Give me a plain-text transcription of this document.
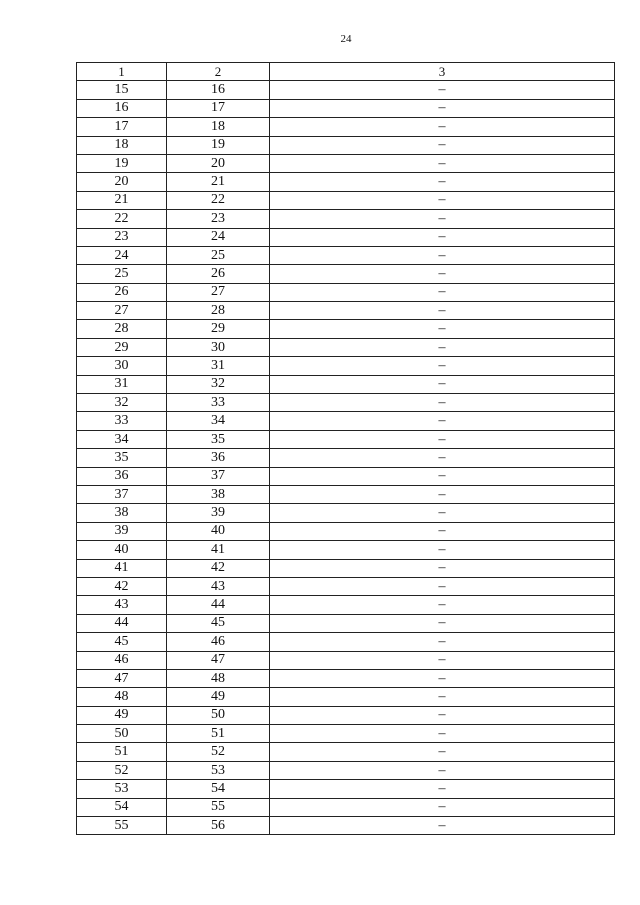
24
1	2	3
15	16	–
16	17	–
17	18	–
18	19	–
19	20	–
20	21	–
21	22	–
22	23	–
23	24	–
24	25	–
25	26	–
26	27	–
27	28	–
28	29	–
29	30	–
30	31	–
31	32	–
32	33	–
33	34	–
34	35	–
35	36	–
36	37	–
37	38	–
38	39	–
39	40	–
40	41	–
41	42	–
42	43	–
43	44	–
44	45	–
45	46	–
46	47	–
47	48	–
48	49	–
49	50	–
50	51	–
51	52	–
52	53	–
53	54	–
54	55	–
55	56	–
